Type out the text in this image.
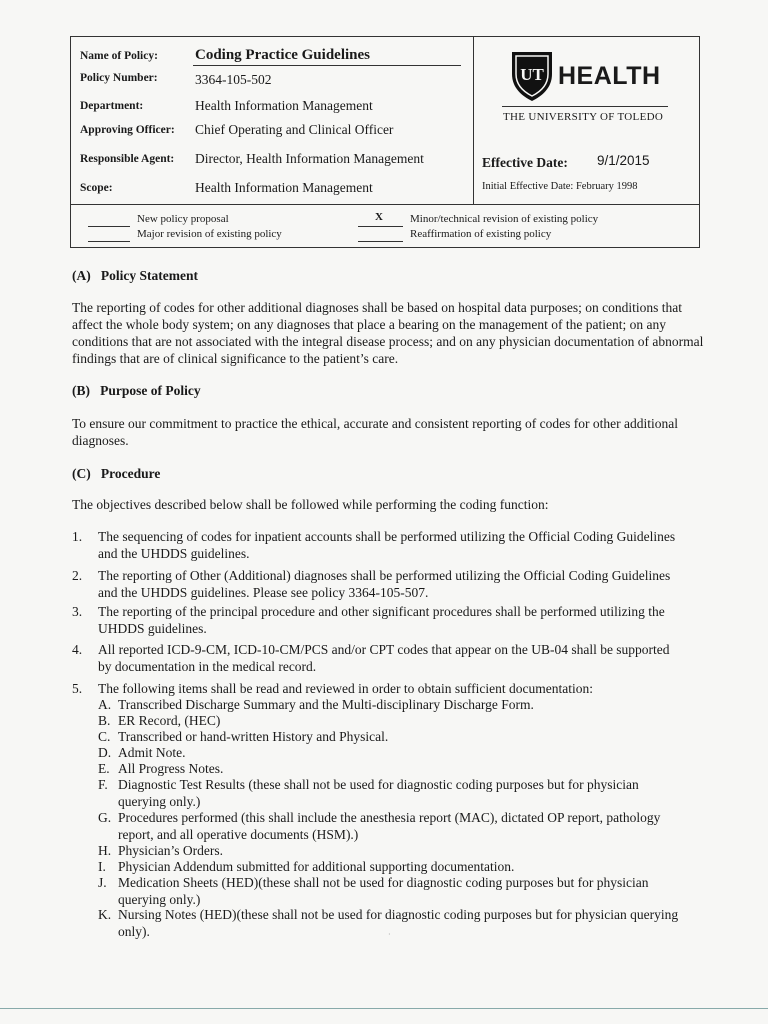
Name of Policy: Coding Practice Guidelines
Policy Number:	3364-105-502
Department:	Health Information Management
Approving Officer: Chief Operating and Clinical Officer
Responsible Agent: Director, Health Information Management
Scope:	Health Information Management
UT HEALTH
THE UNIVERSITY OF TOLEDO
Effective Date: 9/1/2015
Initial Effective Date: February 1998
New policy proposal
Major revision of existing policy
X Minor/technical revision of existing policy
Reaffirmation of existing policy
(A)   Policy Statement
The reporting of codes for other additional diagnoses shall be based on hospital data purposes; on conditions that affect the whole body system; on any diagnoses that place a bearing on the management of the patient; on any conditions that are not associated with the integral disease process; and on any physician documentation of abnormal findings that are of clinical significance to the patient’s care.
(B)   Purpose of Policy
To ensure our commitment to practice the ethical, accurate and consistent reporting of codes for other additional diagnoses.
(C)   Procedure
The objectives described below shall be followed while performing the coding function:
1. The sequencing of codes for inpatient accounts shall be performed utilizing the Official Coding Guidelines
and the UHDDS guidelines.
2. The reporting of Other (Additional) diagnoses shall be performed utilizing the Official Coding Guidelines
and the UHDDS guidelines. Please see policy 3364-105-507.
3. The reporting of the principal procedure and other significant procedures shall be performed utilizing the
UHDDS guidelines.
4. All reported ICD-9-CM, ICD-10-CM/PCS and/or CPT codes that appear on the UB-04 shall be supported
by documentation in the medical record.
5. The following items shall be read and reviewed in order to obtain sufficient documentation:
A. Transcribed Discharge Summary and the Multi-disciplinary Discharge Form.
B. ER Record, (HEC)
C. Transcribed or hand-written History and Physical.
D. Admit Note.
E. All Progress Notes.
F. Diagnostic Test Results (these shall not be used for diagnostic coding purposes but for physician
querying only.)
G. Procedures performed (this shall include the anesthesia report (MAC), dictated OP report, pathology
report, and all operative documents (HSM).)
H. Physician’s Orders.
I. Physician Addendum submitted for additional supporting documentation.
J. Medication Sheets (HED)(these shall not be used for diagnostic coding purposes but for physician
querying only.)
K. Nursing Notes (HED)(these shall not be used for diagnostic coding purposes but for physician querying
only).	·
